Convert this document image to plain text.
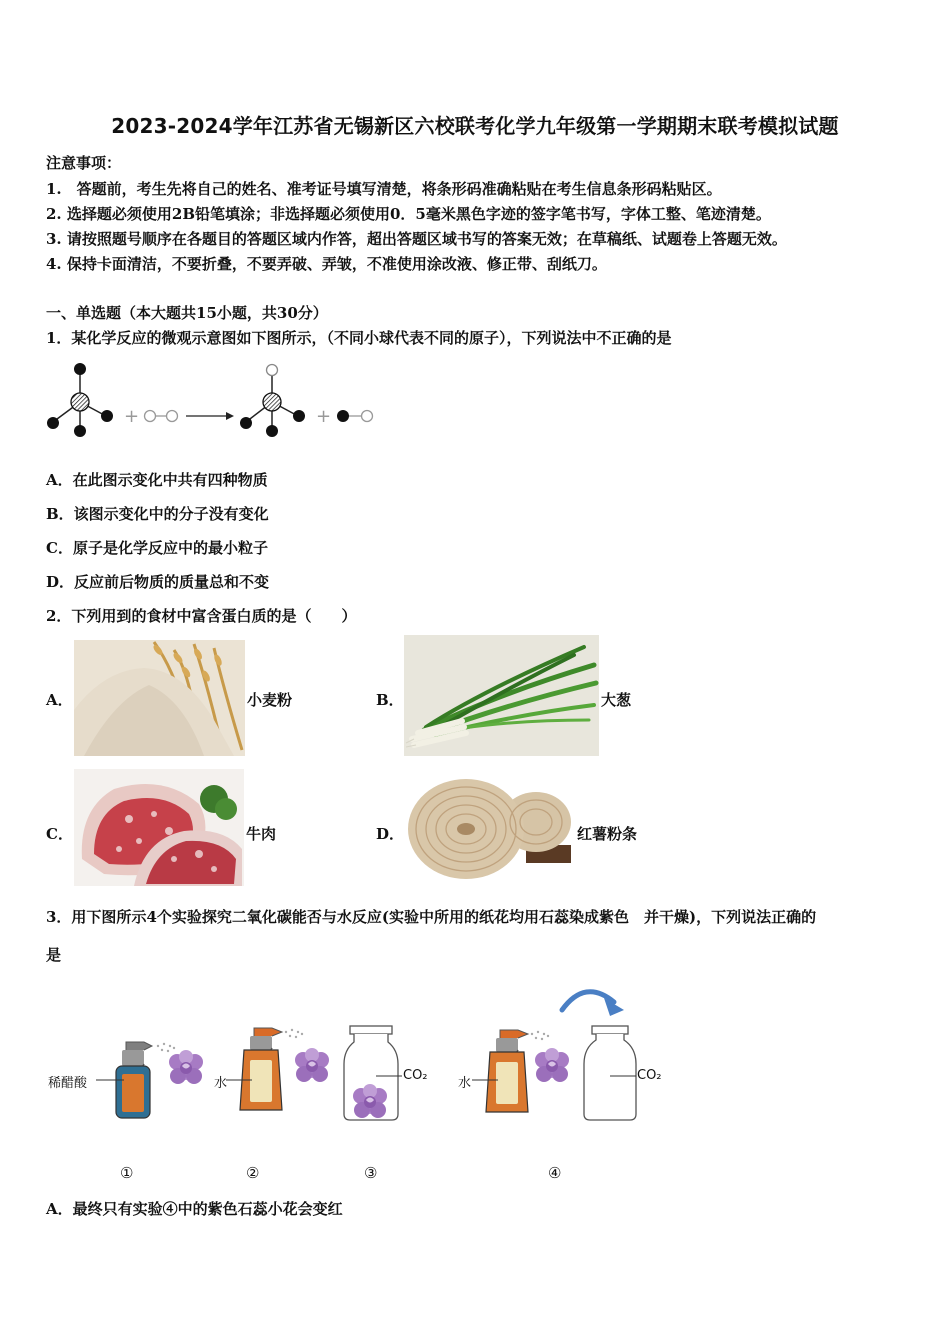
2023-2024学年江苏省无锡新区六校联考化学九年级第一学期期末联考模拟试题
注意事项：
1.　答题前，考生先将自己的姓名、准考证号填写清楚，将条形码准确粘贴在考生信息条形码粘贴区。
2. 选择题必须使用2B铅笔填涂；非选择题必须使用0．5毫米黑色字迹的签字笔书写，字体工整、笔迹清楚。
3. 请按照题号顺序在各题目的答题区域内作答，超出答题区域书写的答案无效；在草稿纸、试题卷上答题无效。
4. 保持卡面清洁，不要折叠，不要弄破、弄皱，不准使用涂改液、修正带、刮纸刀。
一、单选题（本大题共15小题，共30分）
1．某化学反应的微观示意图如下图所示，（不同小球代表不同的原子），下列说法中不正确的是
+	+
A．在此图示变化中共有四种物质
B．该图示变化中的分子没有变化
C．原子是化学反应中的最小粒子
D．反应前后物质的质量总和不变
2．下列用到的食材中富含蛋白质的是（　　）
A．	小麦粉	B．	大葱
C．	牛肉	D．	红薯粉条
3．用下图所示4个实验探究二氧化碳能否与水反应(实验中所用的纸花均用石蕊染成紫色　并干燥)，下列说法正确的
是
稀醋酸	水
CO₂
水
CO₂
①	②	③	④
A．最终只有实验④中的紫色石蕊小花会变红
